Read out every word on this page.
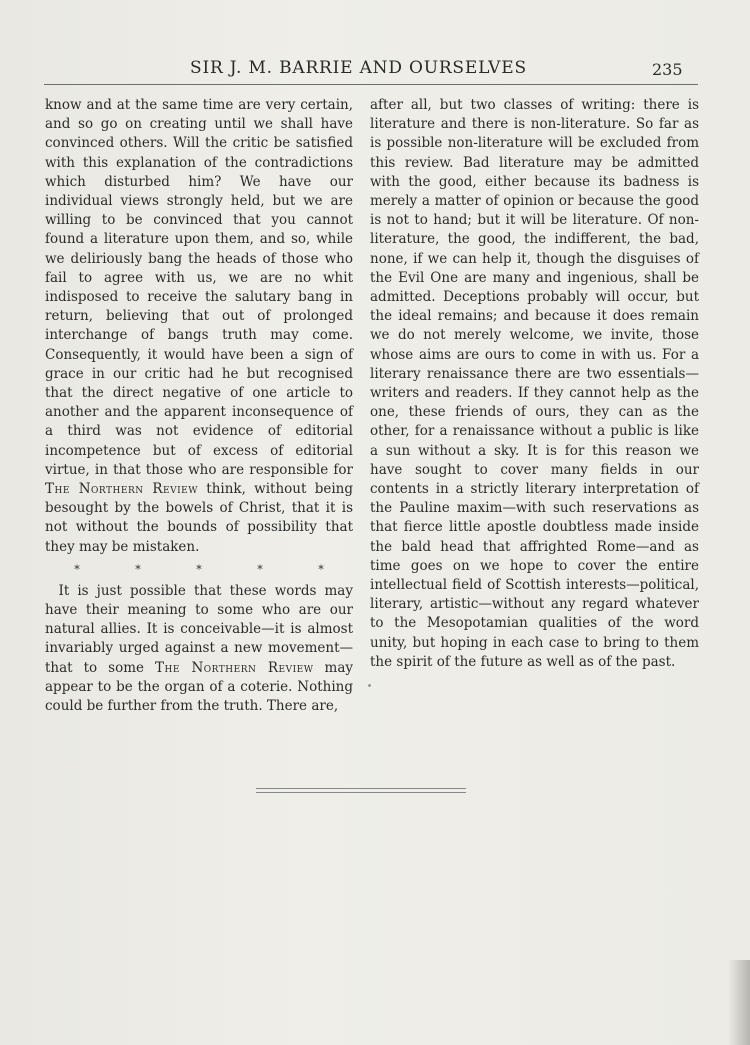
SIR J. M. BARRIE AND OURSELVES	235

know and at the same time are very certain, and so go on creating until we shall have convinced others. Will the critic be satisfied with this explanation of the contradictions which disturbed him? We have our individual views strongly held, but we are willing to be convinced that you cannot found a literature upon them, and so, while we deliriously bang the heads of those who fail to agree with us, we are no whit indisposed to receive the salutary bang in return, believing that out of prolonged interchange of bangs truth may come. Consequently, it would have been a sign of grace in our critic had he but recognised that the direct negative of one article to another and the apparent inconsequence of a third was not evidence of editorial incompetence but of excess of editorial virtue, in that those who are responsible for The Northern Review think, without being besought by the bowels of Christ, that it is not without the bounds of possibility that they may be mistaken.

* * * * *

 It is just possible that these words may have their meaning to some who are our natural allies. It is conceivable—it is almost invariably urged against a new movement—that to some The Northern Review may appear to be the organ of a coterie. Nothing could be further from the truth. There are,

after all, but two classes of writing: there is literature and there is non-literature. So far as is possible non-literature will be excluded from this review. Bad literature may be admitted with the good, either because its badness is merely a matter of opinion or because the good is not to hand; but it will be literature. Of non-literature, the good, the indifferent, the bad, none, if we can help it, though the disguises of the Evil One are many and ingenious, shall be admitted. Deceptions probably will occur, but the ideal remains; and because it does remain we do not merely welcome, we invite, those whose aims are ours to come in with us. For a literary renaissance there are two essentials—writers and readers. If they cannot help as the one, these friends of ours, they can as the other, for a renaissance without a public is like a sun without a sky. It is for this reason we have sought to cover many fields in our contents in a strictly literary interpretation of the Pauline maxim—with such reservations as that fierce little apostle doubtless made inside the bald head that affrighted Rome—and as time goes on we hope to cover the entire intellectual field of Scottish interests—political, literary, artistic—without any regard whatever to the Mesopotamian qualities of the word unity, but hoping in each case to bring to them the spirit of the future as well as of the past.
